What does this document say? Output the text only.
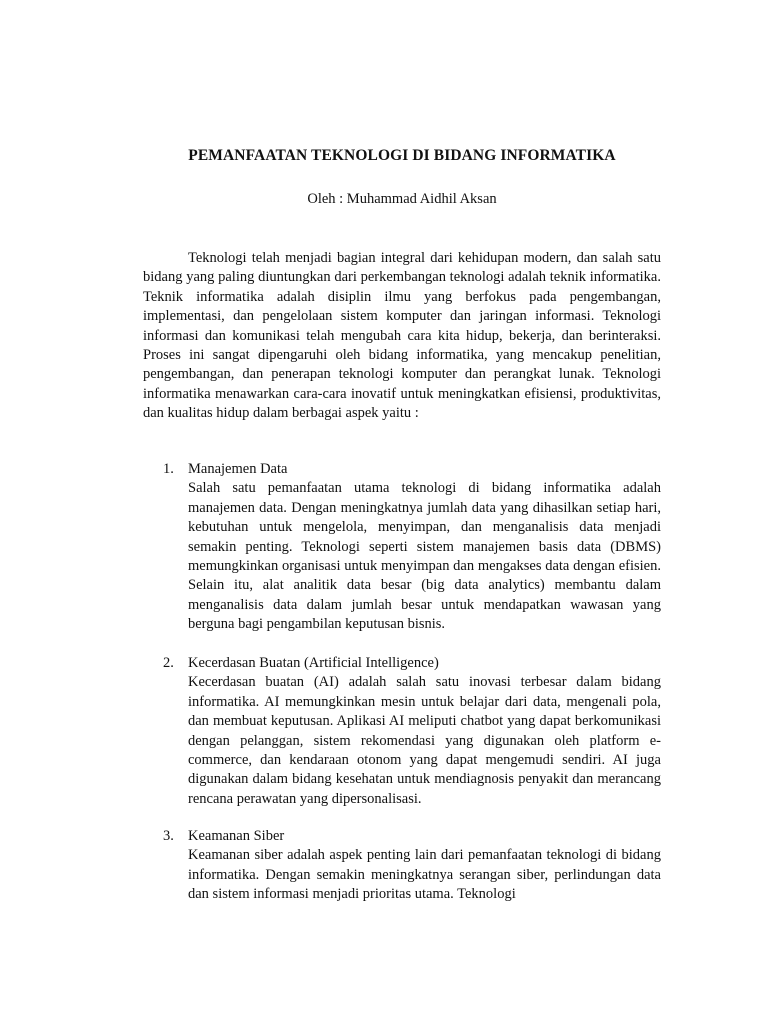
PEMANFAATAN TEKNOLOGI DI BIDANG INFORMATIKA

Oleh : Muhammad Aidhil Aksan

Teknologi telah menjadi bagian integral dari kehidupan modern, dan salah satu bidang yang paling diuntungkan dari perkembangan teknologi adalah teknik informatika. Teknik informatika adalah disiplin ilmu yang berfokus pada pengembangan, implementasi, dan pengelolaan sistem komputer dan jaringan informasi. Teknologi informasi dan komunikasi telah mengubah cara kita hidup, bekerja, dan berinteraksi. Proses ini sangat dipengaruhi oleh bidang informatika, yang mencakup penelitian, pengembangan, dan penerapan teknologi komputer dan perangkat lunak. Teknologi informatika menawarkan cara-cara inovatif untuk meningkatkan efisiensi, produktivitas, dan kualitas hidup dalam berbagai aspek yaitu :

1. Manajemen Data
Salah satu pemanfaatan utama teknologi di bidang informatika adalah manajemen data. Dengan meningkatnya jumlah data yang dihasilkan setiap hari, kebutuhan untuk mengelola, menyimpan, dan menganalisis data menjadi semakin penting. Teknologi seperti sistem manajemen basis data (DBMS) memungkinkan organisasi untuk menyimpan dan mengakses data dengan efisien. Selain itu, alat analitik data besar (big data analytics) membantu dalam menganalisis data dalam jumlah besar untuk mendapatkan wawasan yang berguna bagi pengambilan keputusan bisnis.
2. Kecerdasan Buatan (Artificial Intelligence)
Kecerdasan buatan (AI) adalah salah satu inovasi terbesar dalam bidang informatika. AI memungkinkan mesin untuk belajar dari data, mengenali pola, dan membuat keputusan. Aplikasi AI meliputi chatbot yang dapat berkomunikasi dengan pelanggan, sistem rekomendasi yang digunakan oleh platform e-commerce, dan kendaraan otonom yang dapat mengemudi sendiri. AI juga digunakan dalam bidang kesehatan untuk mendiagnosis penyakit dan merancang rencana perawatan yang dipersonalisasi.
3. Keamanan Siber
Keamanan siber adalah aspek penting lain dari pemanfaatan teknologi di bidang informatika. Dengan semakin meningkatnya serangan siber, perlindungan data dan sistem informasi menjadi prioritas utama. Teknologi
